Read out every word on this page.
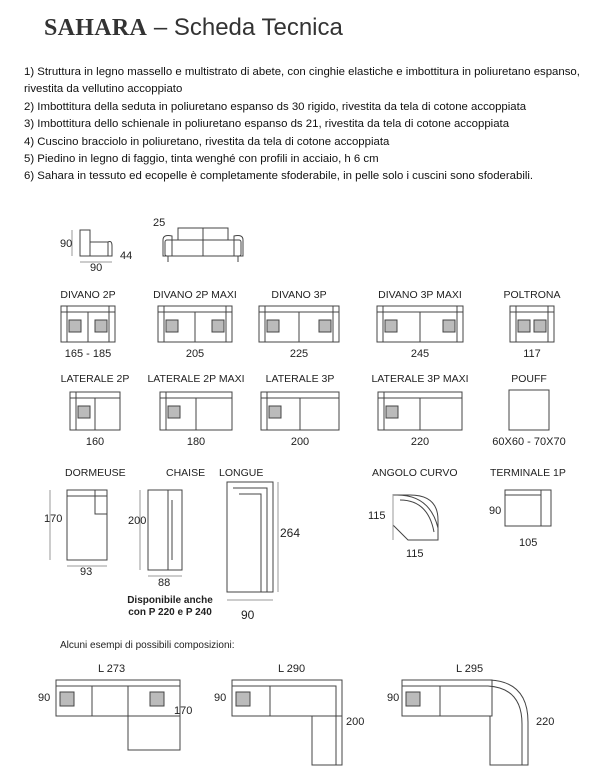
SAHARA – Scheda Tecnica
1) Struttura in legno massello e multistrato di abete, con cinghie elastiche e imbottitura in poliuretano espanso, rivestita da vellutino accoppiato
2) Imbottitura della seduta in poliuretano espanso ds 30 rigido, rivestita da tela di cotone accoppiata
3) Imbottitura dello schienale in poliuretano espanso ds 21, rivestita da tela di cotone accoppiata
4) Cuscino bracciolo in poliuretano, rivestita da tela di cotone accoppiata
5) Piedino in legno di faggio, tinta wenghé con profili in acciaio, h 6 cm
6) Sahara in tessuto ed ecopelle è completamente sfoderabile, in pelle solo i cuscini sono sfoderabili.
90
90
44
25
DIVANO 2P
165 - 185
DIVANO 2P MAXI
205
DIVANO 3P
225
DIVANO 3P MAXI
245
POLTRONA
117
LATERALE 2P
160
LATERALE 2P MAXI
180
LATERALE 3P
200
LATERALE 3P MAXI
220
POUFF
60X60 - 70X70
DORMEUSE
170
93
CHAISE
200
88
LONGUE
264
90
Disponibile anche
con P 220 e P 240
ANGOLO CURVO
115
115
TERMINALE 1P
90
105
Alcuni esempi di possibili composizioni:
L 273
90
170
L 290
90
200
L 295
90
220
